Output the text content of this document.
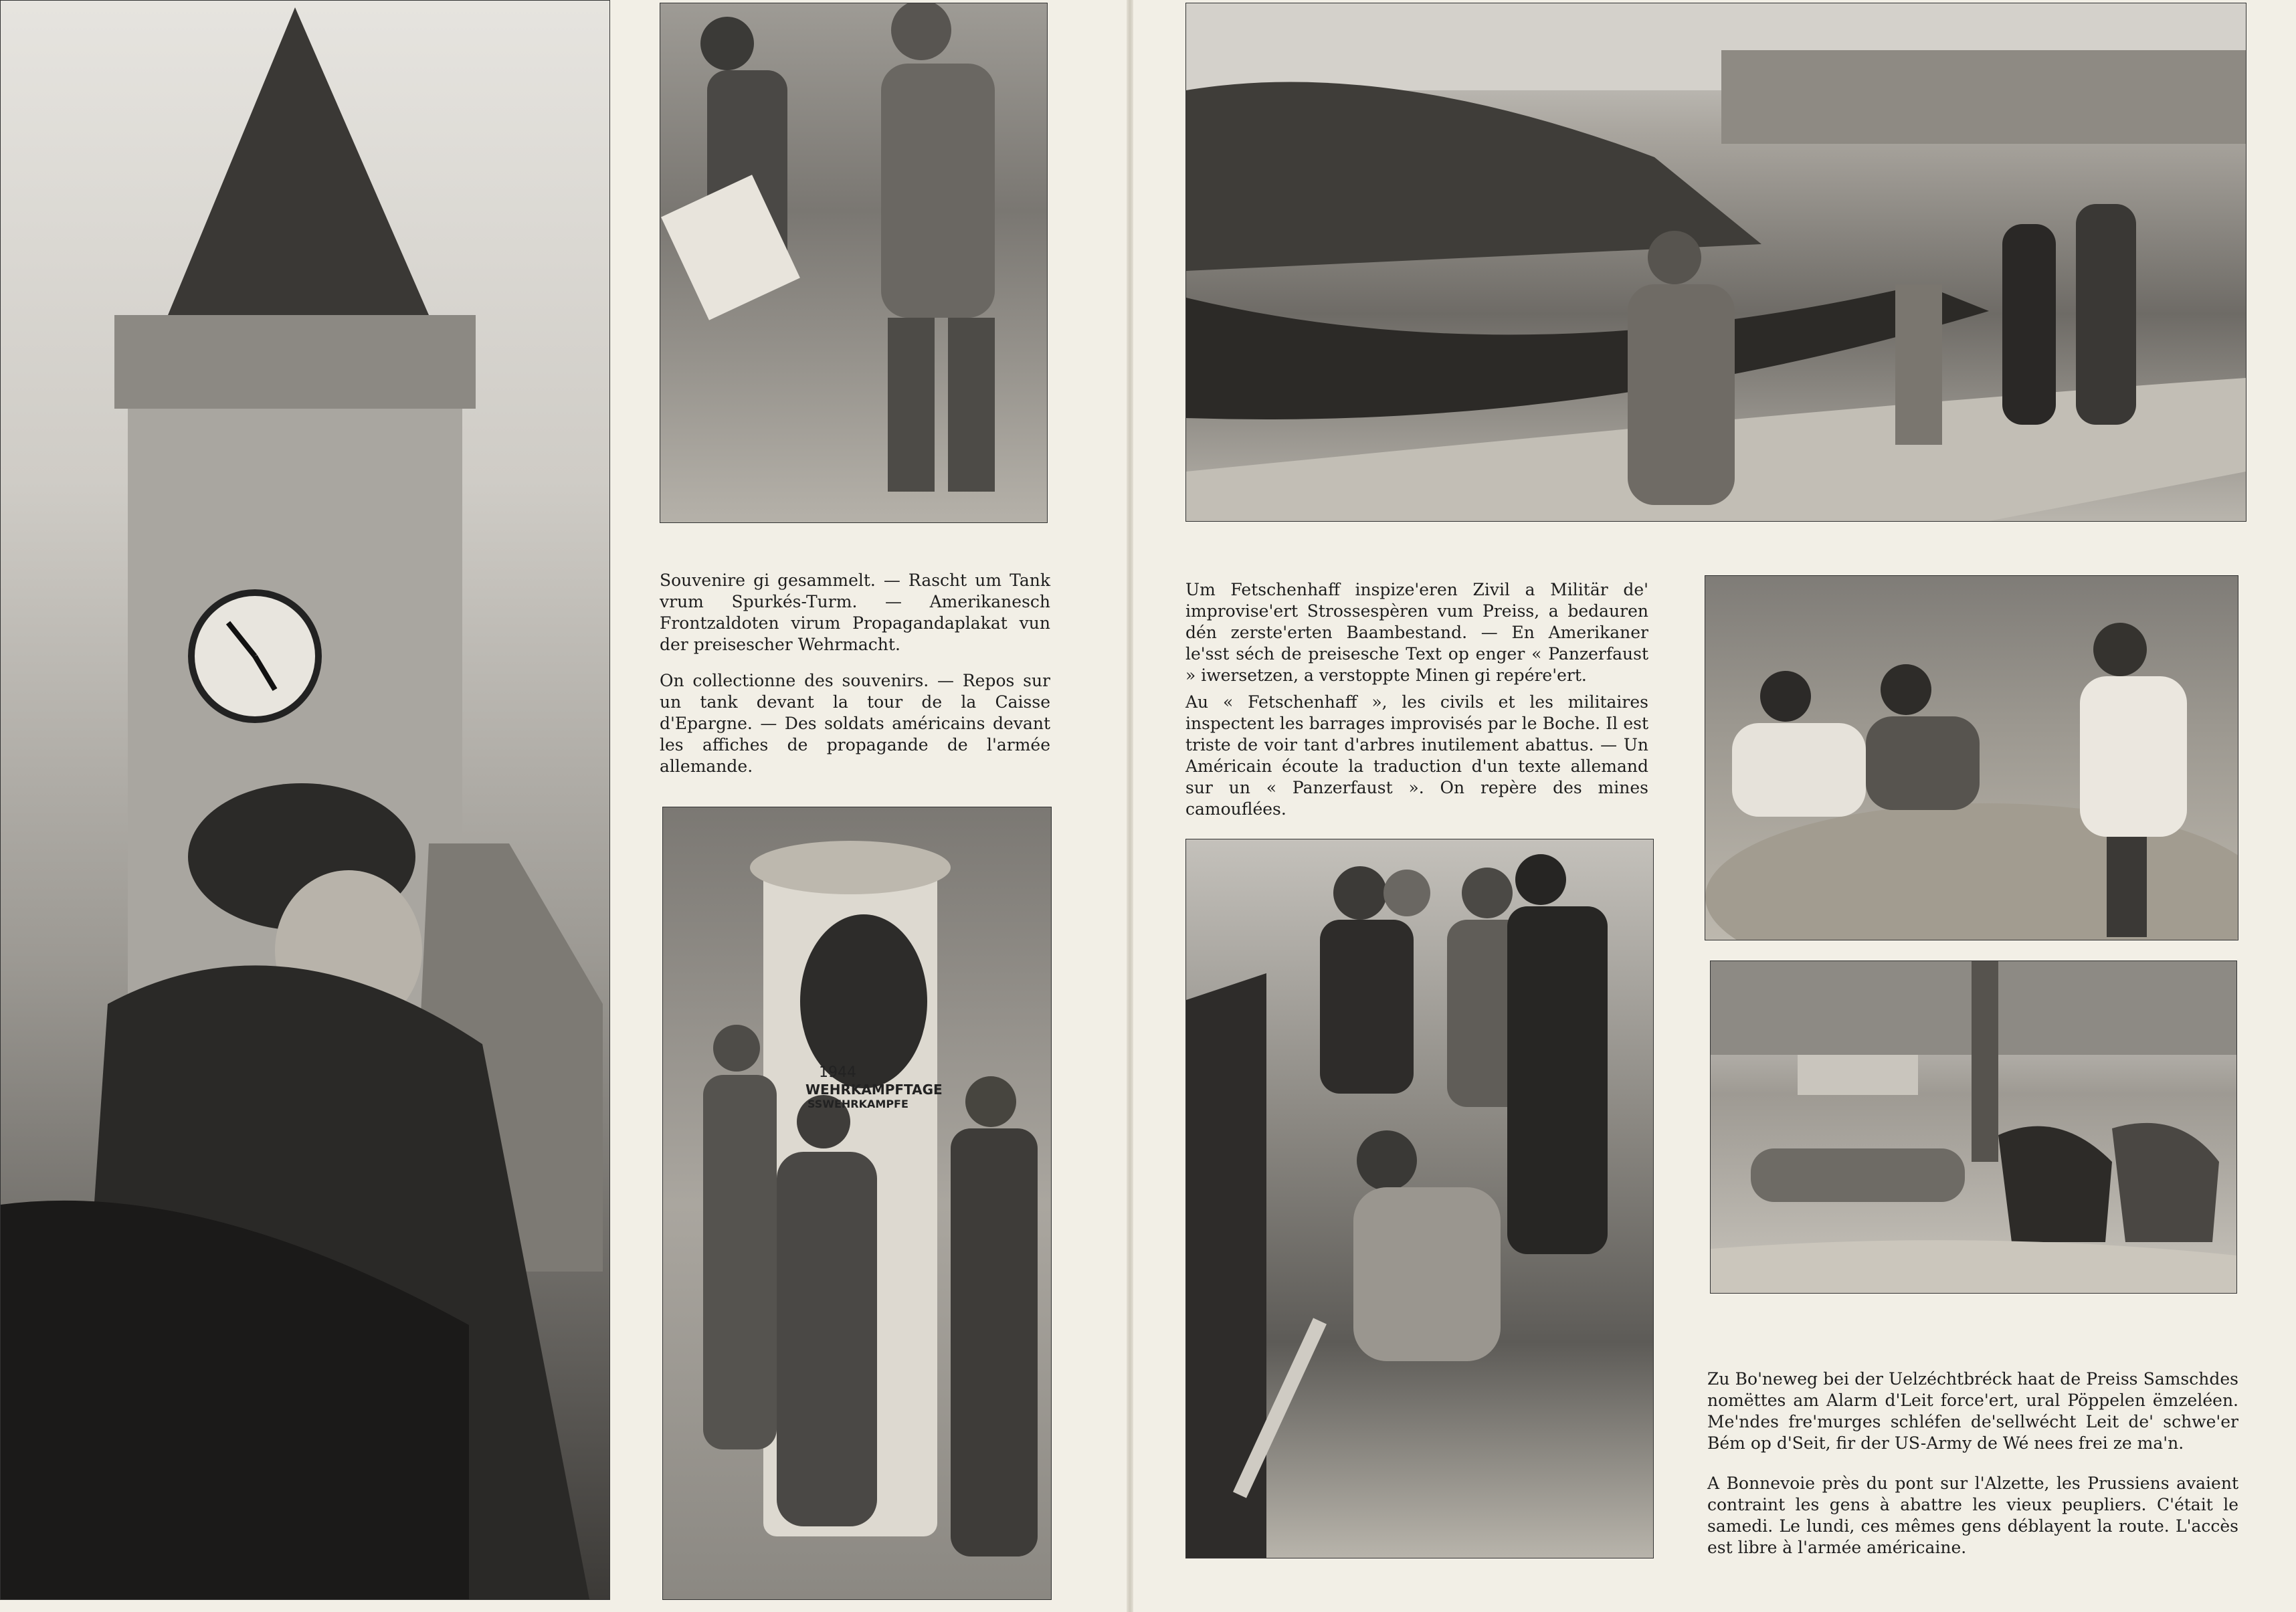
Souvenire gi gesammelt. — Rascht um Tank vrum Spurkés-Turm. — Amerikanesch Frontzaldoten virum Propagandaplakat vun der preisescher Wehrmacht.
On collectionne des souvenirs. — Repos sur un tank devant la tour de la Caisse d'Epargne. — Des soldats américains devant les affiches de propagande de l'armée allemande.
1944
WEHRKAMPFTAGE
SSWEHRKAMPFE
Um Fetschenhaff inspize'eren Zivil a Militär de' improvise'ert Strossespèren vum Preiss, a bedauren dén zerste'erten Baambestand. — En Amerikaner le'sst séch de preisesche Text op enger « Panzerfaust » iwersetzen, a verstoppte Minen gi repére'ert.
Au « Fetschenhaff », les civils et les militaires inspectent les barrages improvisés par le Boche. Il est triste de voir tant d'arbres inutilement abattus. — Un Américain écoute la traduction d'un texte allemand sur un « Panzerfaust ». On repère des mines camouflées.
Zu Bo'neweg bei der Uelzéchtbréck haat de Preiss Samschdes nomëttes am Alarm d'Leit force'ert, ural Pöppelen ëmzeléen. Me'ndes fre'murges schléfen de'sellwécht Leit de' schwe'er Bém op d'Seit, fir der US-Army de Wé nees frei ze ma'n.
A Bonnevoie près du pont sur l'Alzette, les Prussiens avaient contraint les gens à abattre les vieux peupliers. C'était le samedi. Le lundi, ces mêmes gens déblayent la route. L'accès est libre à l'armée américaine.
